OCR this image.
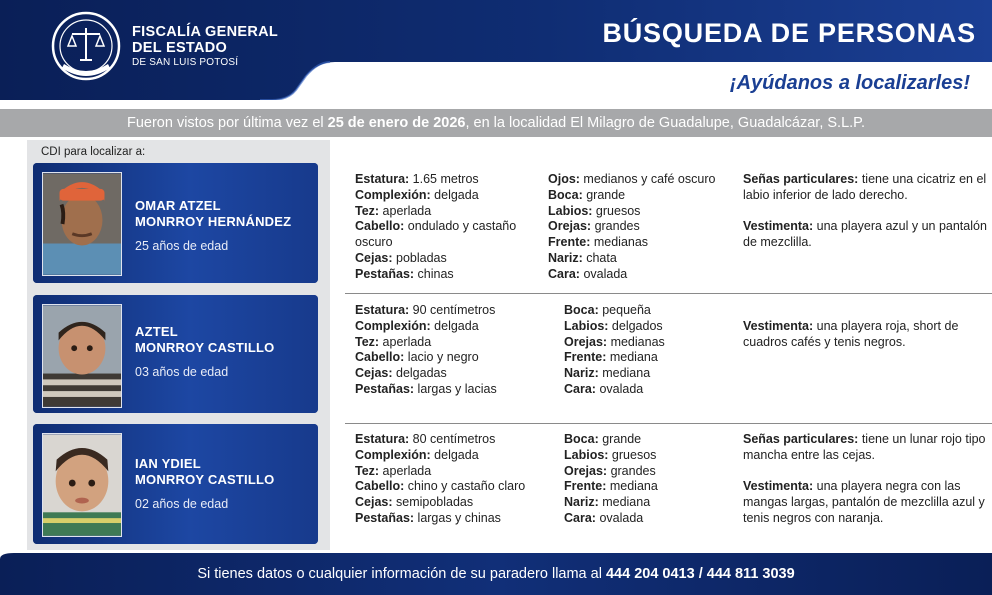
FISCALÍA GENERAL
DEL ESTADO
DE SAN LUIS POTOSÍ
BÚSQUEDA DE PERSONAS
¡Ayúdanos a localizarles!
Fueron vistos por última vez el 25 de enero de 2026, en la localidad El Milagro de Guadalupe, Guadalcázar, S.L.P.
CDI para localizar a:
OMAR ATZEL
MONRROY HERNÁNDEZ
25 años de edad
AZTEL
MONRROY CASTILLO
03 años de edad
IAN YDIEL
MONRROY CASTILLO
02 años de edad
Estatura: 1.65 metros
Complexión: delgada
Tez: aperlada
Cabello: ondulado y castaño
oscuro
Cejas: pobladas
Pestañas: chinas
Ojos: medianos y café oscuro
Boca: grande
Labios: gruesos
Orejas: grandes
Frente: medianas
Nariz: chata
Cara: ovalada
Señas particulares: tiene una cicatriz en el
labio inferior de lado derecho.
Vestimenta: una playera azul y un pantalón
de mezclilla.
Estatura: 90 centímetros
Complexión: delgada
Tez: aperlada
Cabello: lacio y negro
Cejas: delgadas
Pestañas: largas y lacias
Boca: pequeña
Labios: delgados
Orejas: medianas
Frente: mediana
Nariz: mediana
Cara: ovalada
Vestimenta: una playera roja, short de
cuadros cafés y tenis negros.
Estatura: 80 centímetros
Complexión: delgada
Tez: aperlada
Cabello: chino y castaño claro
Cejas: semipobladas
Pestañas: largas y chinas
Boca: grande
Labios: gruesos
Orejas: grandes
Frente: mediana
Nariz: mediana
Cara: ovalada
Señas particulares: tiene un lunar rojo tipo
mancha entre las cejas.
Vestimenta: una playera negra con las
mangas largas, pantalón de mezclilla azul y
tenis negros con naranja.
Si tienes datos o cualquier información de su paradero llama al 444 204 0413 / 444 811 3039
